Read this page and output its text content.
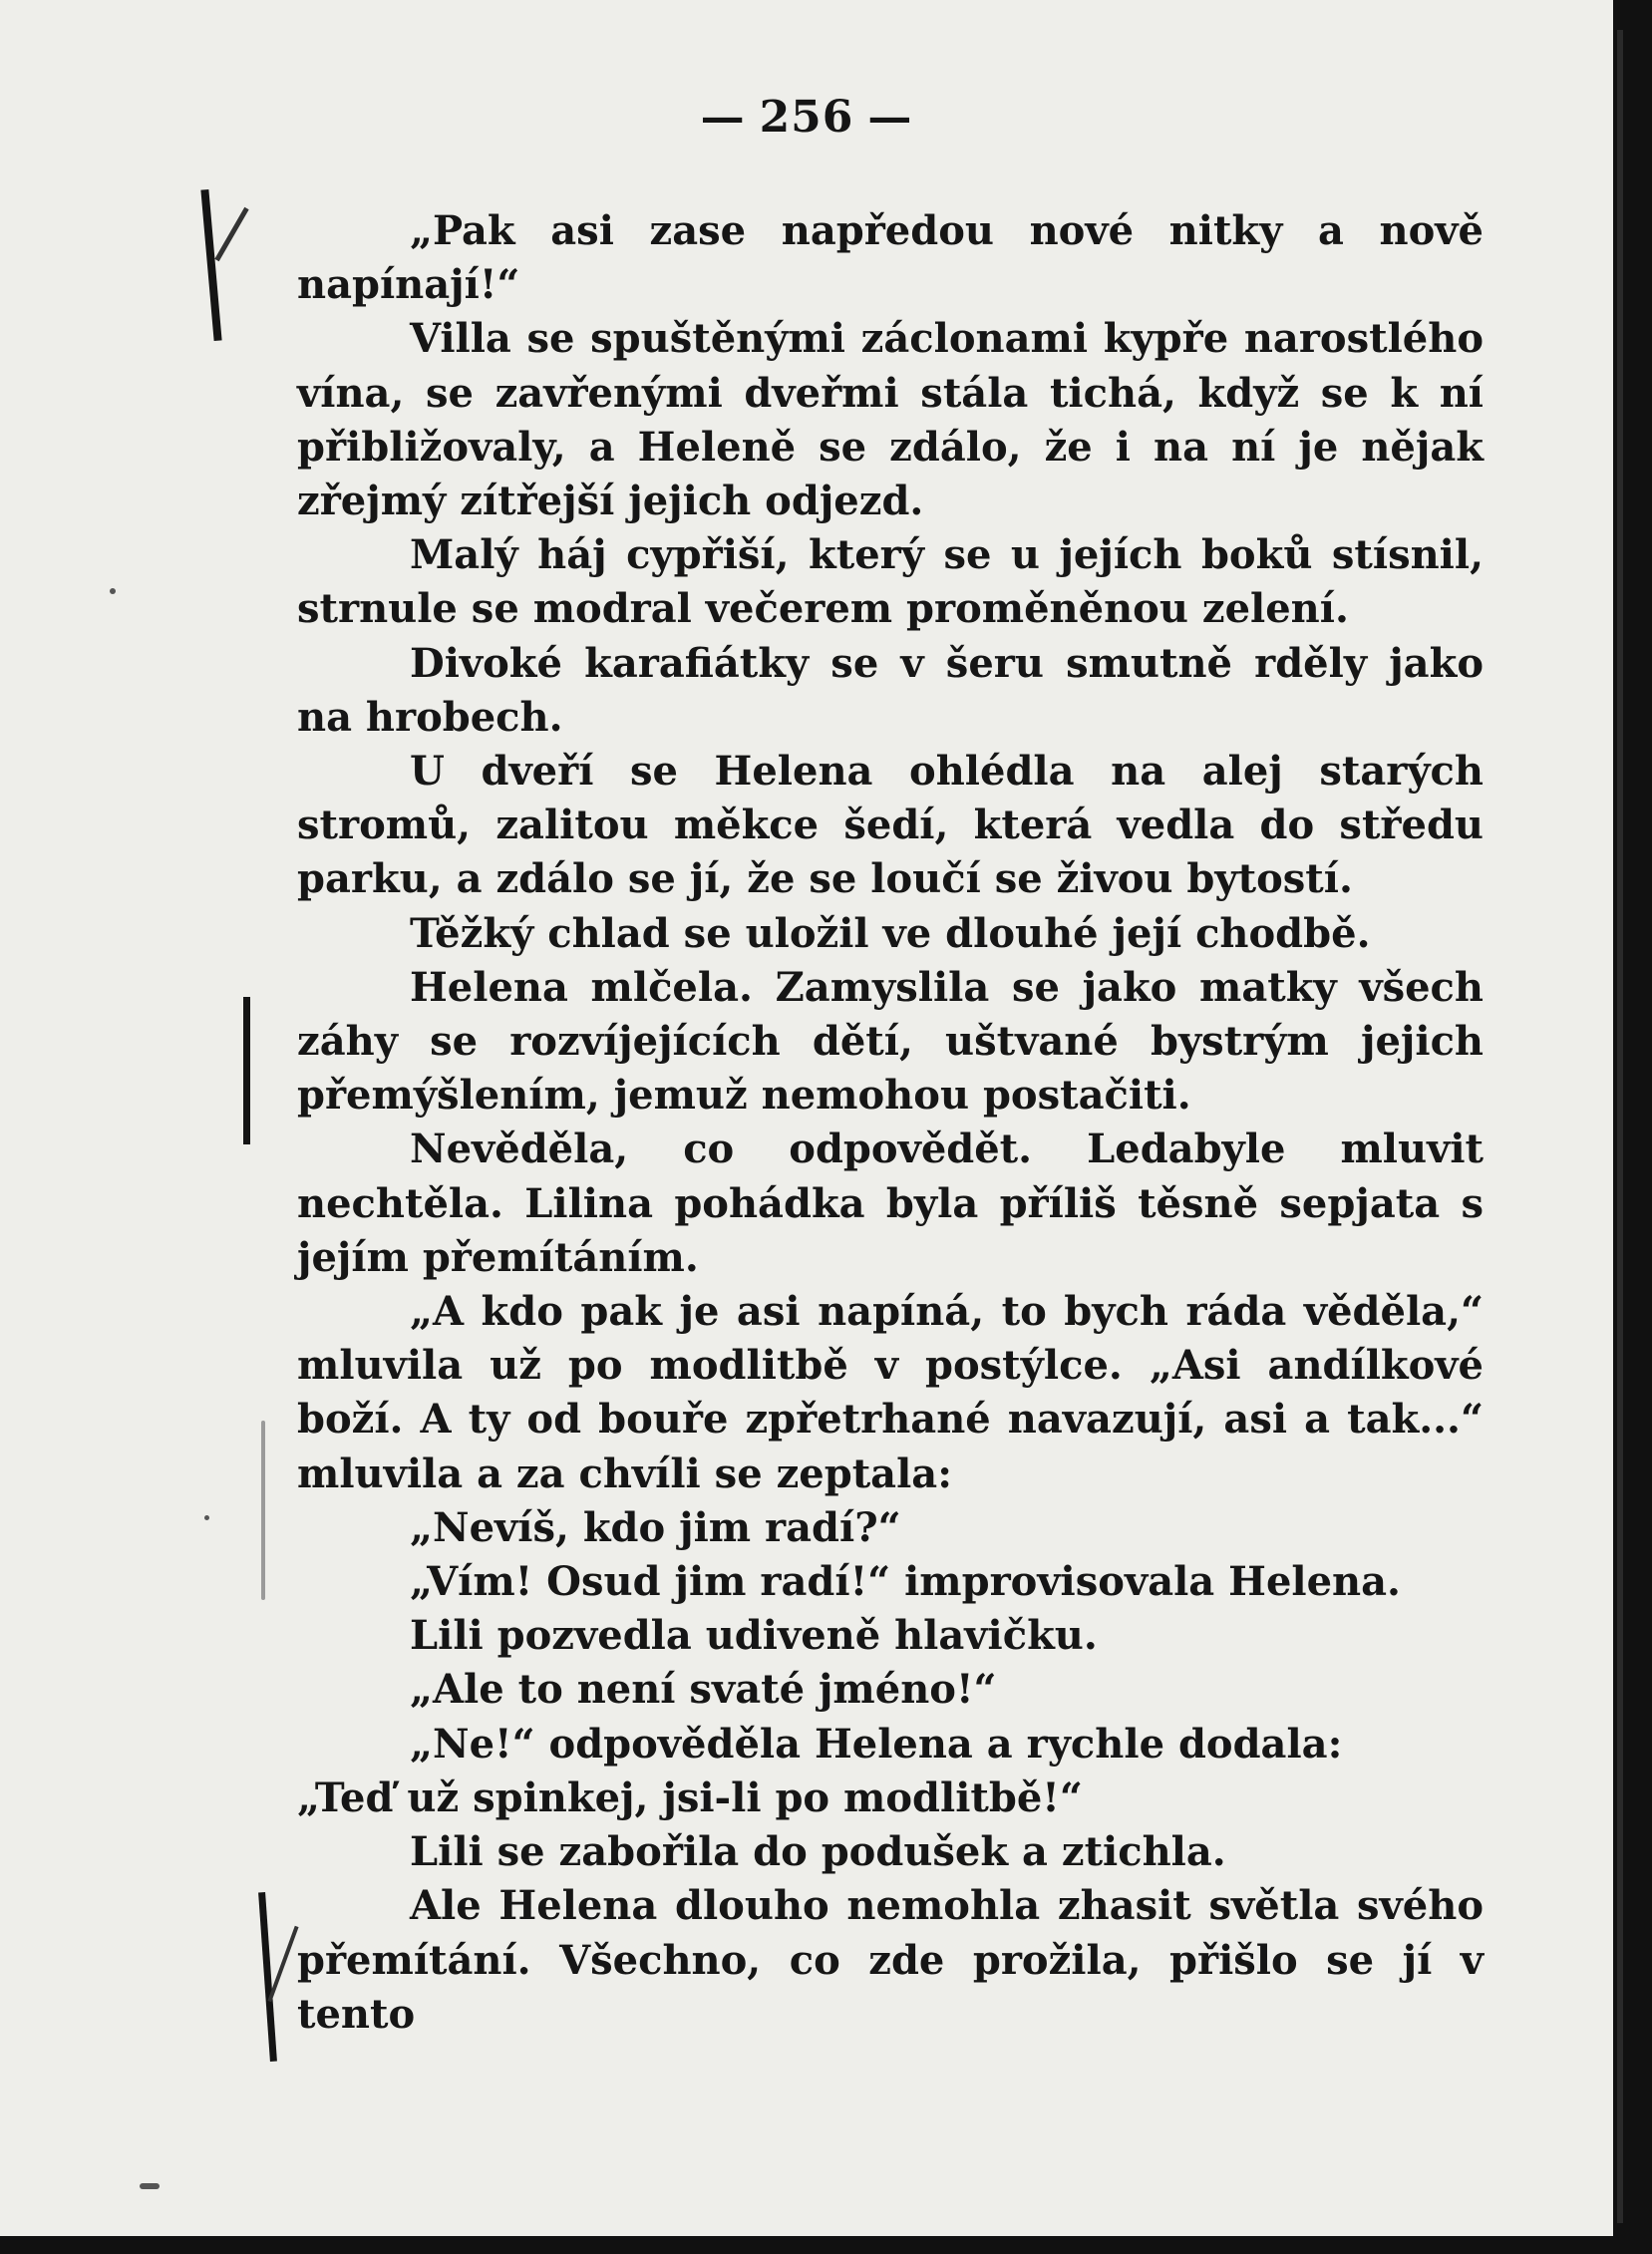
— 256 —

„Pak asi zase napředou nové nitky a nově napínají!“

Villa se spuštěnými záclonami kypře narostlého vína, se zavřenými dveřmi stála tichá, když se k ní přibližovaly, a Heleně se zdálo, že i na ní je nějak zřejmý zítřejší jejich odjezd.

Malý háj cypřiší, který se u jejích boků stísnil, strnule se modral večerem proměněnou zelení.

Divoké karafiátky se v šeru smutně rděly jako na hrobech.

U dveří se Helena ohlédla na alej starých stromů, zalitou měkce šedí, která vedla do středu parku, a zdálo se jí, že se loučí se živou bytostí.

Těžký chlad se uložil ve dlouhé její chodbě.

Helena mlčela. Zamyslila se jako matky všech záhy se rozvíjejících dětí, uštvané bystrým jejich přemýšlením, jemuž nemohou postačiti.

Nevěděla, co odpovědět. Ledabyle mluvit nechtěla. Lilina pohádka byla příliš těsně sepjata s jejím přemítáním.

„A kdo pak je asi napíná, to bych ráda věděla,“ mluvila už po modlitbě v postýlce. „Asi andílkové boží. A ty od bouře zpřetrhané navazují, asi a tak...“ mluvila a za chvíli se zeptala:

„Nevíš, kdo jim radí?“

„Vím! Osud jim radí!“ improvisovala Helena.

Lili pozvedla udiveně hlavičku.

„Ale to není svaté jméno!“

„Ne!“ odpověděla Helena a rychle dodala:

„Teď už spinkej, jsi-li po modlitbě!“

Lili se zabořila do podušek a ztichla.

Ale Helena dlouho nemohla zhasit světla svého přemítání. Všechno, co zde prožila, přišlo se jí v tento
